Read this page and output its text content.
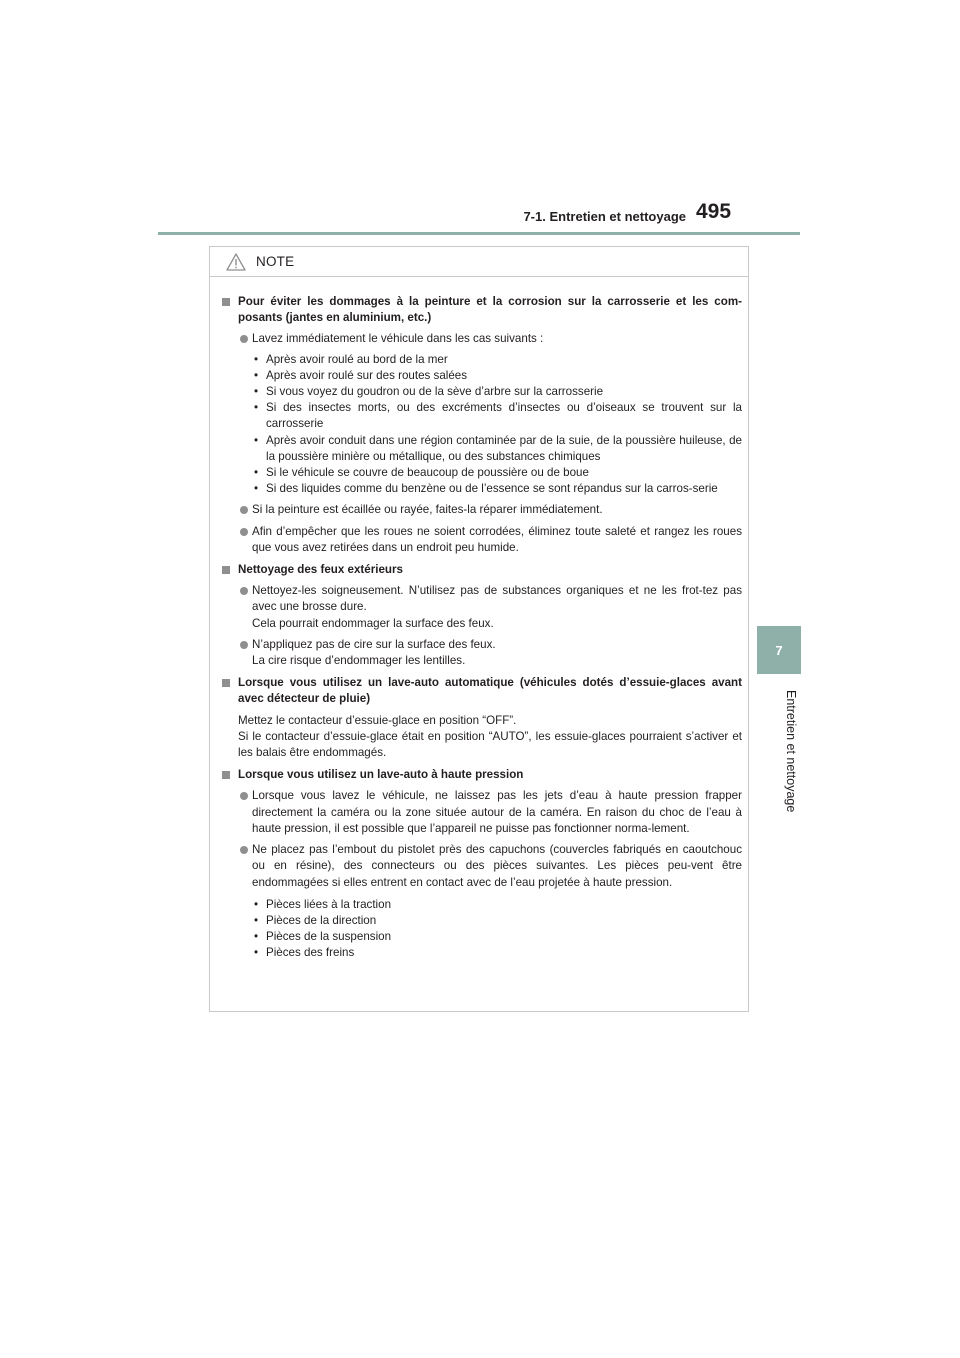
7-1. Entretien et nettoyage 495
7
Entretien et nettoyage
NOTE
Pour éviter les dommages à la peinture et la corrosion sur la carrosserie et les com-posants (jantes en aluminium, etc.)
Lavez immédiatement le véhicule dans les cas suivants :
• Après avoir roulé au bord de la mer
• Après avoir roulé sur des routes salées
• Si vous voyez du goudron ou de la sève d’arbre sur la carrosserie
• Si des insectes morts, ou des excréments d’insectes ou d’oiseaux se trouvent sur la carrosserie
• Après avoir conduit dans une région contaminée par de la suie, de la poussière huileuse, de la poussière minière ou métallique, ou des substances chimiques
• Si le véhicule se couvre de beaucoup de poussière ou de boue
• Si des liquides comme du benzène ou de l’essence se sont répandus sur la carros-serie
Si la peinture est écaillée ou rayée, faites-la réparer immédiatement.
Afin d’empêcher que les roues ne soient corrodées, éliminez toute saleté et rangez les roues que vous avez retirées dans un endroit peu humide.
Nettoyage des feux extérieurs
Nettoyez-les soigneusement. N’utilisez pas de substances organiques et ne les frot-tez pas avec une brosse dure.
Cela pourrait endommager la surface des feux.
N’appliquez pas de cire sur la surface des feux.
La cire risque d’endommager les lentilles.
Lorsque vous utilisez un lave-auto automatique (véhicules dotés d’essuie-glaces avant avec détecteur de pluie)
Mettez le contacteur d’essuie-glace en position “OFF”.
Si le contacteur d’essuie-glace était en position “AUTO”, les essuie-glaces pourraient s’activer et les balais être endommagés.
Lorsque vous utilisez un lave-auto à haute pression
Lorsque vous lavez le véhicule, ne laissez pas les jets d’eau à haute pression frapper directement la caméra ou la zone située autour de la caméra. En raison du choc de l’eau à haute pression, il est possible que l’appareil ne puisse pas fonctionner norma-lement.
Ne placez pas l’embout du pistolet près des capuchons (couvercles fabriqués en caoutchouc ou en résine), des connecteurs ou des pièces suivantes. Les pièces peu-vent être endommagées si elles entrent en contact avec de l’eau projetée à haute pression.
• Pièces liées à la traction
• Pièces de la direction
• Pièces de la suspension
• Pièces des freins
